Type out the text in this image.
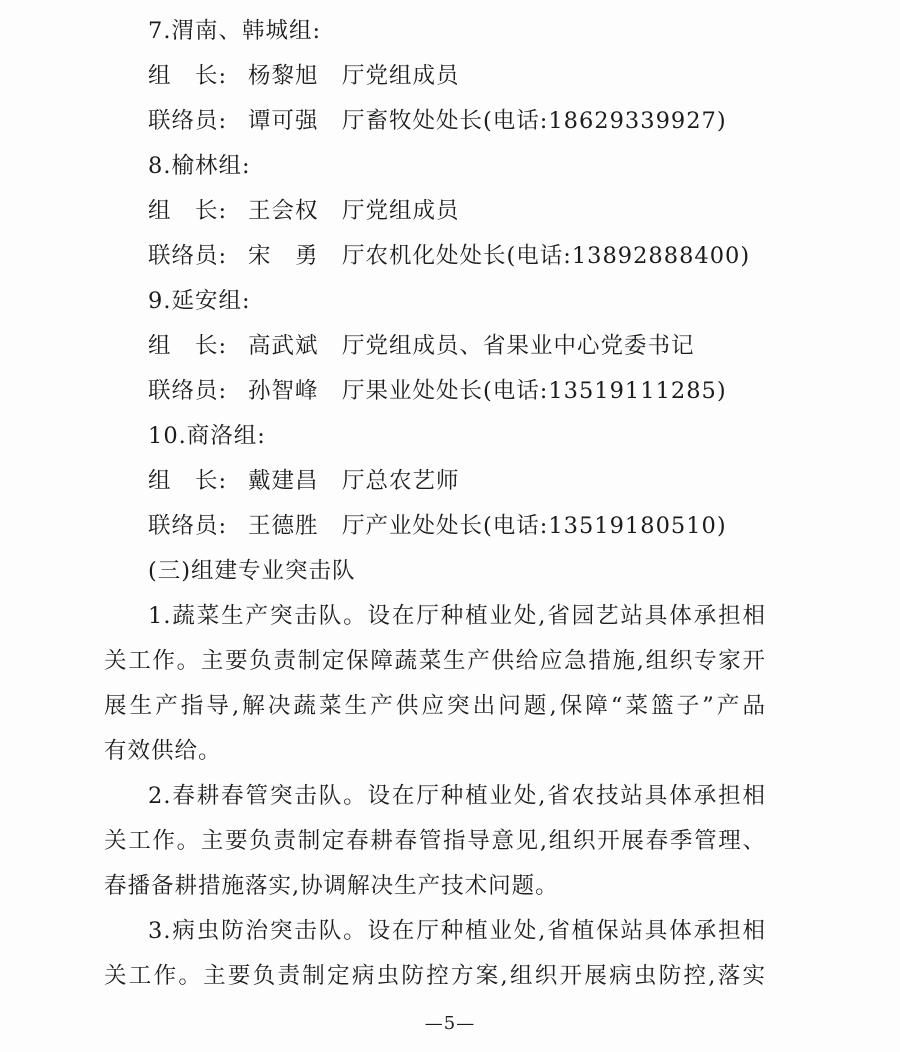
7.渭南、韩城组:
组　长: 杨黎旭 厅党组成员
联络员: 谭可强 厅畜牧处处长(电话:18629339927)
8.榆林组:
组　长: 王会权 厅党组成员
联络员: 宋　勇 厅农机化处处长(电话:13892888400)
9.延安组:
组　长: 高武斌 厅党组成员、省果业中心党委书记
联络员: 孙智峰 厅果业处处长(电话:13519111285)
10.商洛组:
组　长: 戴建昌 厅总农艺师
联络员: 王德胜 厅产业处处长(电话:13519180510)
(三)组建专业突击队
1.蔬菜生产突击队。设在厅种植业处,省园艺站具体承担相
关工作。主要负责制定保障蔬菜生产供给应急措施,组织专家开
展生产指导,解决蔬菜生产供应突出问题,保障“菜篮子”产品
有效供给。
2.春耕春管突击队。设在厅种植业处,省农技站具体承担相
关工作。主要负责制定春耕春管指导意见,组织开展春季管理、
春播备耕措施落实,协调解决生产技术问题。
3.病虫防治突击队。设在厅种植业处,省植保站具体承担相
关工作。主要负责制定病虫防控方案,组织开展病虫防控,落实
—5—
